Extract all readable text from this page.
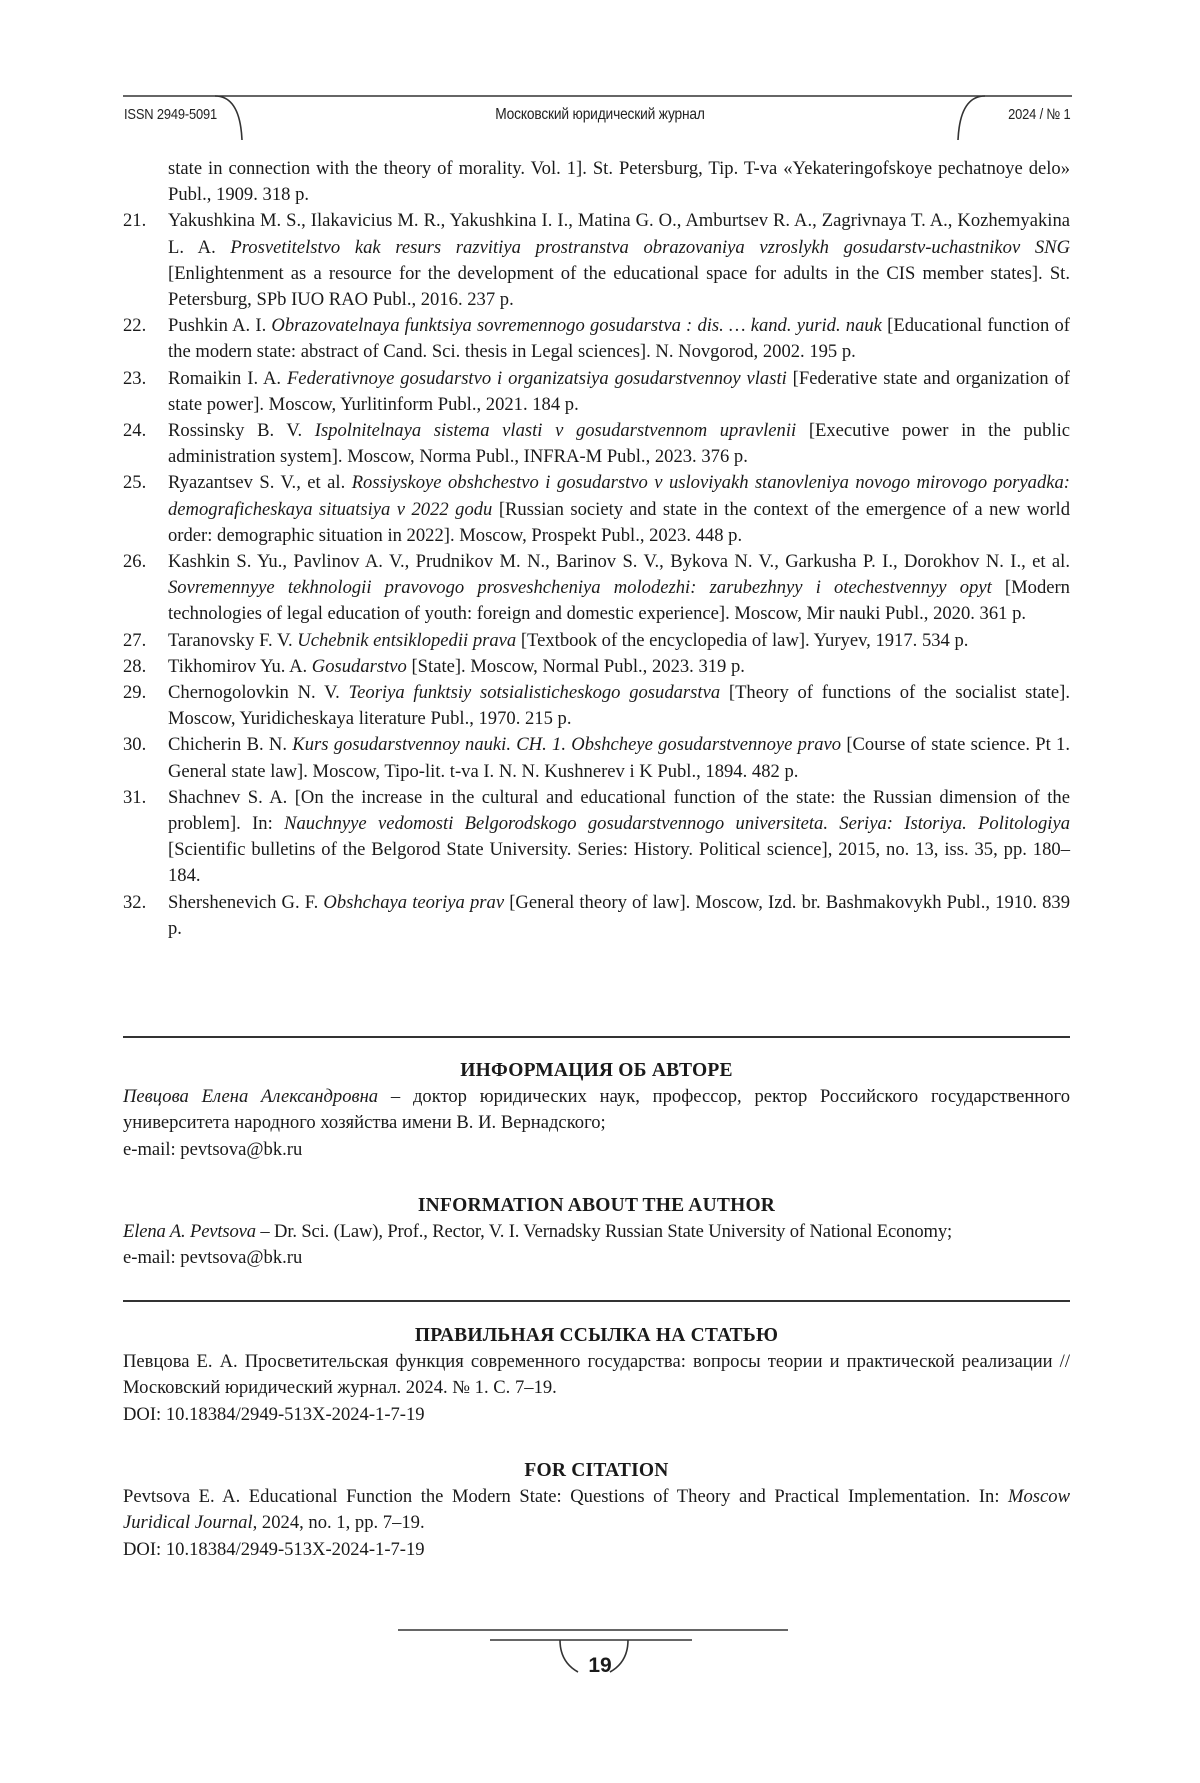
ISSN 2949-5091	Московский юридический журнал	2024 / № 1
state in connection with the theory of morality. Vol. 1]. St. Petersburg, Tip. T-va «Yekateringofskoye pechatnoye delo» Publ., 1909. 318 p.
21. Yakushkina M. S., Ilakavicius M. R., Yakushkina I. I., Matina G. O., Amburtsev R. A., Zagrivnaya T. A., Kozhemyakina L. A. Prosvetitelstvo kak resurs razvitiya prostranstva obrazovaniya vzroslykh gosudarstv-uchastnikov SNG [Enlightenment as a resource for the development of the educational space for adults in the CIS member states]. St. Petersburg, SPb IUO RAO Publ., 2016. 237 p.
22. Pushkin A. I. Obrazovatelnaya funktsiya sovremennogo gosudarstva : dis. … kand. yurid. nauk [Educational function of the modern state: abstract of Cand. Sci. thesis in Legal sciences]. N. Novgorod, 2002. 195 p.
23. Romaikin I. A. Federativnoye gosudarstvo i organizatsiya gosudarstvennoy vlasti [Federative state and organization of state power]. Moscow, Yurlitinform Publ., 2021. 184 p.
24. Rossinsky B. V. Ispolnitelnaya sistema vlasti v gosudarstvennom upravlenii [Executive power in the public administration system]. Moscow, Norma Publ., INFRA-M Publ., 2023. 376 p.
25. Ryazantsev S. V., et al. Rossiyskoye obshchestvo i gosudarstvo v usloviyakh stanovleniya novogo mirovogo poryadka: demograficheskaya situatsiya v 2022 godu [Russian society and state in the context of the emergence of a new world order: demographic situation in 2022]. Moscow, Prospekt Publ., 2023. 448 p.
26. Kashkin S. Yu., Pavlinov A. V., Prudnikov M. N., Barinov S. V., Bykova N. V., Garkusha P. I., Dorokhov N. I., et al. Sovremennyye tekhnologii pravovogo prosveshcheniya molodezhi: zarubezhnyy i otechestvennyy opyt [Modern technologies of legal education of youth: foreign and domestic experience]. Moscow, Mir nauki Publ., 2020. 361 p.
27. Taranovsky F. V. Uchebnik entsiklopedii prava [Textbook of the encyclopedia of law]. Yuryev, 1917. 534 p.
28. Tikhomirov Yu. A. Gosudarstvo [State]. Moscow, Normal Publ., 2023. 319 p.
29. Chernogolovkin N. V. Teoriya funktsiy sotsialisticheskogo gosudarstva [Theory of functions of the socialist state]. Moscow, Yuridicheskaya literature Publ., 1970. 215 p.
30. Chicherin B. N. Kurs gosudarstvennoy nauki. CH. 1. Obshcheye gosudarstvennoye pravo [Course of state science. Pt 1. General state law]. Moscow, Tipo-lit. t-va I. N. N. Kushnerev i K Publ., 1894. 482 p.
31. Shachnev S. A. [On the increase in the cultural and educational function of the state: the Russian dimension of the problem]. In: Nauchnyye vedomosti Belgorodskogo gosudarstvennogo universiteta. Seriya: Istoriya. Politologiya [Scientific bulletins of the Belgorod State University. Series: History. Political science], 2015, no. 13, iss. 35, pp. 180–184.
32. Shershenevich G. F. Obshchaya teoriya prav [General theory of law]. Moscow, Izd. br. Bashmakovykh Publ., 1910. 839 p.
ИНФОРМАЦИЯ ОБ АВТОРЕ

Певцова Елена Александровна – доктор юридических наук, профессор, ректор Российского государственного университета народного хозяйства имени В. И. Вернадского;

e-mail: pevtsova@bk.ru

INFORMATION ABOUT THE AUTHOR

Elena A. Pevtsova – Dr. Sci. (Law), Prof., Rector, V. I. Vernadsky Russian State University of National Economy;

e-mail: pevtsova@bk.ru

ПРАВИЛЬНАЯ ССЫЛКА НА СТАТЬЮ

Певцова Е. А. Просветительская функция современного государства: вопросы теории и практической реализации // Московский юридический журнал. 2024. № 1. С. 7–19.

DOI: 10.18384/2949-513X-2024-1-7-19

FOR CITATION

Pevtsova E. A. Educational Function the Modern State: Questions of Theory and Practical Implementation. In: Moscow Juridical Journal, 2024, no. 1, pp. 7–19.

DOI: 10.18384/2949-513X-2024-1-7-19

19
